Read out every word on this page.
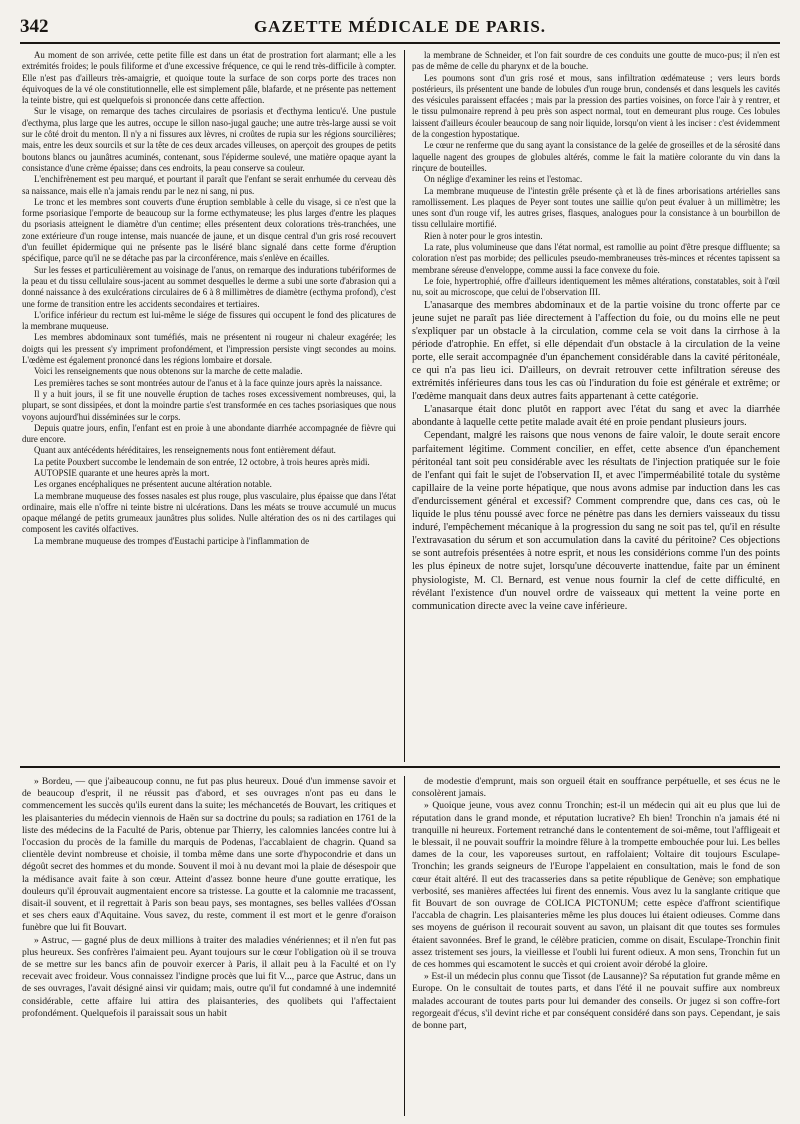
342	GAZETTE MÉDICALE DE PARIS.

Au moment de son arrivée, cette petite fille est dans un état de prostration fort alarmant; elle a les extrémités froides; le pouls filiforme et d'une excessive fréquence, ce qui le rend très-difficile à compter. Elle n'est pas d'ailleurs très-amaigrie, et quoique toute la surface de son corps porte des traces non équivoques de la vé ole constitutionnelle, elle est simplement pâle, blafarde, et ne présente pas nettement la teinte bistre, qui est quelquefois si prononcée dans cette affection.

Sur le visage, on remarque des taches circulaires de psoriasis et d'ecthyma lenticu'é. Une pustule d'ecthyma, plus large que les autres, occupe le sillon naso-jugal gauche; une autre très-large aussi se voit sur le côté droit du menton. Il n'y a ni fissures aux lèvres, ni croûtes de rupia sur les régions sourcilières; mais, entre les deux sourcils et sur la tête de ces deux arcades villeuses, on aperçoit des groupes de petits boutons blancs ou jaunâtres acuminés, contenant, sous l'épiderme soulevé, une matière opaque ayant la consistance d'une crème épaisse; dans ces endroits, la peau conserve sa couleur.

L'enchifrènement est peu marqué, et pourtant il paraît que l'enfant se serait enrhumée du cerveau dès sa naissance, mais elle n'a jamais rendu par le nez ni sang, ni pus.

Le tronc et les membres sont couverts d'une éruption semblable à celle du visage, si ce n'est que la forme psoriasique l'emporte de beaucoup sur la forme ecthymateuse; les plus larges d'entre les plaques du psoriasis atteignent le diamètre d'un centime; elles présentent deux colorations très-tranchées, une zone extérieure d'un rouge intense, mais nuancée de jaune, et un disque central d'un gris rosé recouvert d'un feuillet épidermique qui ne présente pas le liséré blanc signalé dans cette forme d'éruption spécifique, parce qu'il ne se détache pas par la circonférence, mais s'enlève en écailles.

Sur les fesses et particulièrement au voisinage de l'anus, on remarque des indurations tubériformes de la peau et du tissu cellulaire sous-jacent au sommet desquelles le derme a subi une sorte d'abrasion qui a donné naissance à des exulcérations circulaires de 6 à 8 millimètres de diamètre (ecthyma profond), c'est une forme de transition entre les accidents secondaires et tertiaires.

L'orifice inférieur du rectum est lui-même le siége de fissures qui occupent le fond des plicatures de la membrane muqueuse.

Les membres abdominaux sont tuméfiés, mais ne présentent ni rougeur ni chaleur exagérée; les doigts qui les pressent s'y impriment profondément, et l'impression persiste vingt secondes au moins. L'œdème est également prononcé dans les régions lombaire et dorsale.

Voici les renseignements que nous obtenons sur la marche de cette maladie.

Les premières taches se sont montrées autour de l'anus et à la face quinze jours après la naissance.

Il y a huit jours, il se fit une nouvelle éruption de taches roses excessivement nombreuses, qui, la plupart, se sont dissipées, et dont la moindre partie s'est transformée en ces taches psoriasiques que nous voyons aujourd'hui disséminées sur le corps.

Depuis quatre jours, enfin, l'enfant est en proie à une abondante diarrhée accompagnée de fièvre qui dure encore.

Quant aux antécédents héréditaires, les renseignements nous font entièrement défaut.

La petite Pouxbert succombe le lendemain de son entrée, 12 octobre, à trois heures après midi.

AUTOPSIE quarante et une heures après la mort.

Les organes encéphaliques ne présentent aucune altération notable.

La membrane muqueuse des fosses nasales est plus rouge, plus vasculaire, plus épaisse que dans l'état ordinaire, mais elle n'offre ni teinte bistre ni ulcérations. Dans les méats se trouve accumulé un mucus opaque mélangé de petits grumeaux jaunâtres plus solides. Nulle altération des os ni des cartilages qui composent les cavités olfactives.

La membrane muqueuse des trompes d'Eustachi participe à l'inflammation de

la membrane de Schneider, et l'on fait sourdre de ces conduits une goutte de muco-pus; il n'en est pas de même de celle du pharynx et de la bouche.

Les poumons sont d'un gris rosé et mous, sans infiltration œdémateuse ; vers leurs bords postérieurs, ils présentent une bande de lobules d'un rouge brun, condensés et dans lesquels les cavités des vésicules paraissent effacées ; mais par la pression des parties voisines, on force l'air à y rentrer, et le tissu pulmonaire reprend à peu près son aspect normal, tout en demeurant plus rouge. Ces lobules laissent d'ailleurs écouler beaucoup de sang noir liquide, lorsqu'on vient à les inciser : c'est évidemment de la congestion hypostatique.

Le cœur ne renferme que du sang ayant la consistance de la gelée de groseilles et de la sérosité dans laquelle nagent des groupes de globules altérés, comme le fait la matière colorante du vin dans la rinçure de bouteilles.

On néglige d'examiner les reins et l'estomac.

La membrane muqueuse de l'intestin grêle présente çà et là de fines arborisations artérielles sans ramollissement. Les plaques de Peyer sont toutes une saillie qu'on peut évaluer à un millimètre; les unes sont d'un rouge vif, les autres grises, flasques, analogues pour la consistance à un bourbillon de tissu cellulaire mortifié.

Rien à noter pour le gros intestin.

La rate, plus volumineuse que dans l'état normal, est ramollie au point d'être presque diffluente; sa coloration n'est pas morbide; des pellicules pseudo-membraneuses très-minces et récentes tapissent sa membrane séreuse d'enveloppe, comme aussi la face convexe du foie.

Le foie, hypertrophié, offre d'ailleurs identiquement les mêmes altérations, constatables, soit à l'œil nu, soit au microscope, que celui de l'observation III.

L'anasarque des membres abdominaux et de la partie voisine du tronc offerte par ce jeune sujet ne paraît pas liée directement à l'affection du foie, ou du moins elle ne peut s'expliquer par un obstacle à la circulation, comme cela se voit dans la cirrhose à la période d'atrophie. En effet, si elle dépendait d'un obstacle à la circulation de la veine porte, elle serait accompagnée d'un épanchement considérable dans la cavité péritonéale, ce qui n'a pas lieu ici. D'ailleurs, on devrait retrouver cette infiltration séreuse des extrémités inférieures dans tous les cas où l'induration du foie est générale et extrême; or l'œdème manquait dans deux autres faits appartenant à cette catégorie.

L'anasarque était donc plutôt en rapport avec l'état du sang et avec la diarrhée abondante à laquelle cette petite malade avait été en proie pendant plusieurs jours.

Cependant, malgré les raisons que nous venons de faire valoir, le doute serait encore parfaitement légitime. Comment concilier, en effet, cette absence d'un épanchement péritonéal tant soit peu considérable avec les résultats de l'injection pratiquée sur le foie de l'enfant qui fait le sujet de l'observation II, et avec l'imperméabilité totale du système capillaire de la veine porte hépatique, que nous avons admise par induction dans les cas d'endurcissement général et excessif? Comment comprendre que, dans ces cas, où le liquide le plus ténu poussé avec force ne pénètre pas dans les derniers vaisseaux du tissu induré, l'empêchement mécanique à la progression du sang ne soit pas tel, qu'il en résulte l'extravasation du sérum et son accumulation dans la cavité du péritoine? Ces objections se sont autrefois présentées à notre esprit, et nous les considérions comme l'un des points les plus épineux de notre sujet, lorsqu'une découverte inattendue, faite par un éminent physiologiste, M. Cl. Bernard, est venue nous fournir la clef de cette difficulté, en révélant l'existence d'un nouvel ordre de vaisseaux qui mettent la veine porte en communication directe avec la veine cave inférieure.

» Bordeu, — que j'aibeaucoup connu, ne fut pas plus heureux. Doué d'un immense savoir et de beaucoup d'esprit, il ne réussit pas d'abord, et ses ouvrages n'ont pas eu dans le commencement les succès qu'ils eurent dans la suite; les méchancetés de Bouvart, les critiques et les plaisanteries du médecin viennois de Haën sur sa doctrine du pouls; sa radiation en 1761 de la liste des médecins de la Faculté de Paris, obtenue par Thierry, les calomnies lancées contre lui à l'occasion du procès de la famille du marquis de Podenas, l'accablaient de chagrin. Quand sa clientèle devint nombreuse et choisie, il tomba même dans une sorte d'hypocondrie et dans un dégoût secret des hommes et du monde. Souvent il moi à nu devant moi la plaie de désespoir que la médisance avait faite à son cœur. Atteint d'assez bonne heure d'une goutte erratique, les douleurs qu'il éprouvait augmentaient encore sa tristesse. La goutte et la calomnie me tracassent, disait-il souvent, et il regrettait à Paris son beau pays, ses montagnes, ses belles vallées d'Ossan et ses chers eaux d'Aquitaine. Vous savez, du reste, comment il est mort et le genre d'oraison funèbre que lui fit Bouvart.

» Astruc, — gagné plus de deux millions à traiter des maladies vénériennes; et il n'en fut pas plus heureux. Ses confrères l'aimaient peu. Ayant toujours sur le cœur l'obligation où il se trouva de se mettre sur les bancs afin de pouvoir exercer à Paris, il allait peu à la Faculté et on l'y recevait avec froideur. Vous connaissez l'indigne procès que lui fit V..., parce que Astruc, dans un de ses ouvrages, l'avait désigné ainsi vir quidam; mais, outre qu'il fut condamné à une indemnité considérable, cette affaire lui attira des plaisanteries, des quolibets qui l'affectaient profondément. Quelquefois il paraissait sous un habit

de modestie d'emprunt, mais son orgueil était en souffrance perpétuelle, et ses écus ne le consolèrent jamais.

» Quoique jeune, vous avez connu Tronchin; est-il un médecin qui ait eu plus que lui de réputation dans le grand monde, et réputation lucrative? Eh bien! Tronchin n'a jamais été ni tranquille ni heureux. Fortement retranché dans le contentement de soi-même, tout l'affligeait et le blessait, il ne pouvait souffrir la moindre fêlure à la trompette embouchée pour lui. Les belles dames de la cour, les vaporeuses surtout, en raffolaient; Voltaire dit toujours Esculape-Tronchin; les grands seigneurs de l'Europe l'appelaient en consultation, mais le fond de son cœur était altéré. Il eut des tracasseries dans sa petite république de Genève; son emphatique verbosité, ses manières affectées lui firent des ennemis. Vous avez lu la sanglante critique que fit Bouvart de son ouvrage de COLICA PICTONUM; cette espèce d'affront scientifique l'accabla de chagrin. Les plaisanteries même les plus douces lui étaient odieuses. Comme dans ses moyens de guérison il recourait souvent au savon, un plaisant dit que toutes ses formules étaient savonnées. Bref le grand, le célèbre praticien, comme on disait, Esculape-Tronchin finit assez tristement ses jours, la vieillesse et l'oubli lui furent odieux. A mon sens, Tronchin fut un de ces hommes qui escamotent le succès et qui croient avoir dérobé la gloire.

» Est-il un médecin plus connu que Tissot (de Lausanne)? Sa réputation fut grande même en Europe. On le consultait de toutes parts, et dans l'été il ne pouvait suffire aux nombreux malades accourant de toutes parts pour lui demander des conseils. Or jugez si son coffre-fort regorgeait d'écus, s'il devint riche et par conséquent considéré dans son pays. Cependant, je sais de bonne part,
